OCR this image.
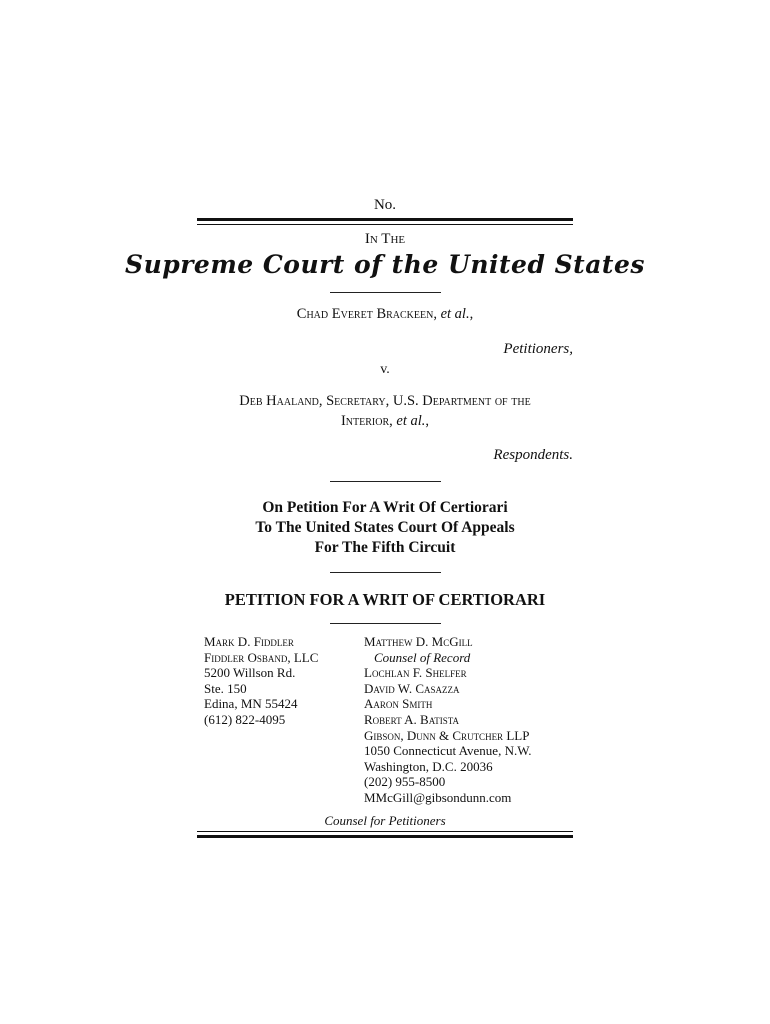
No.
In The
Supreme Court of the United States
Chad Everet Brackeen, et al.,
Petitioners,
v.
Deb Haaland, Secretary, U.S. Department of the
Interior, et al.,
Respondents.
On Petition For A Writ Of Certiorari
To The United States Court Of Appeals
For The Fifth Circuit
PETITION FOR A WRIT OF CERTIORARI
Mark D. Fiddler
Fiddler Osband, LLC
5200 Willson Rd.
Ste. 150
Edina, MN 55424
(612) 822-4095
Matthew D. McGill
Counsel of Record
Lochlan F. Shelfer
David W. Casazza
Aaron Smith
Robert A. Batista
Gibson, Dunn & Crutcher LLP
1050 Connecticut Avenue, N.W.
Washington, D.C. 20036
(202) 955-8500
MMcGill@gibsondunn.com
Counsel for Petitioners
